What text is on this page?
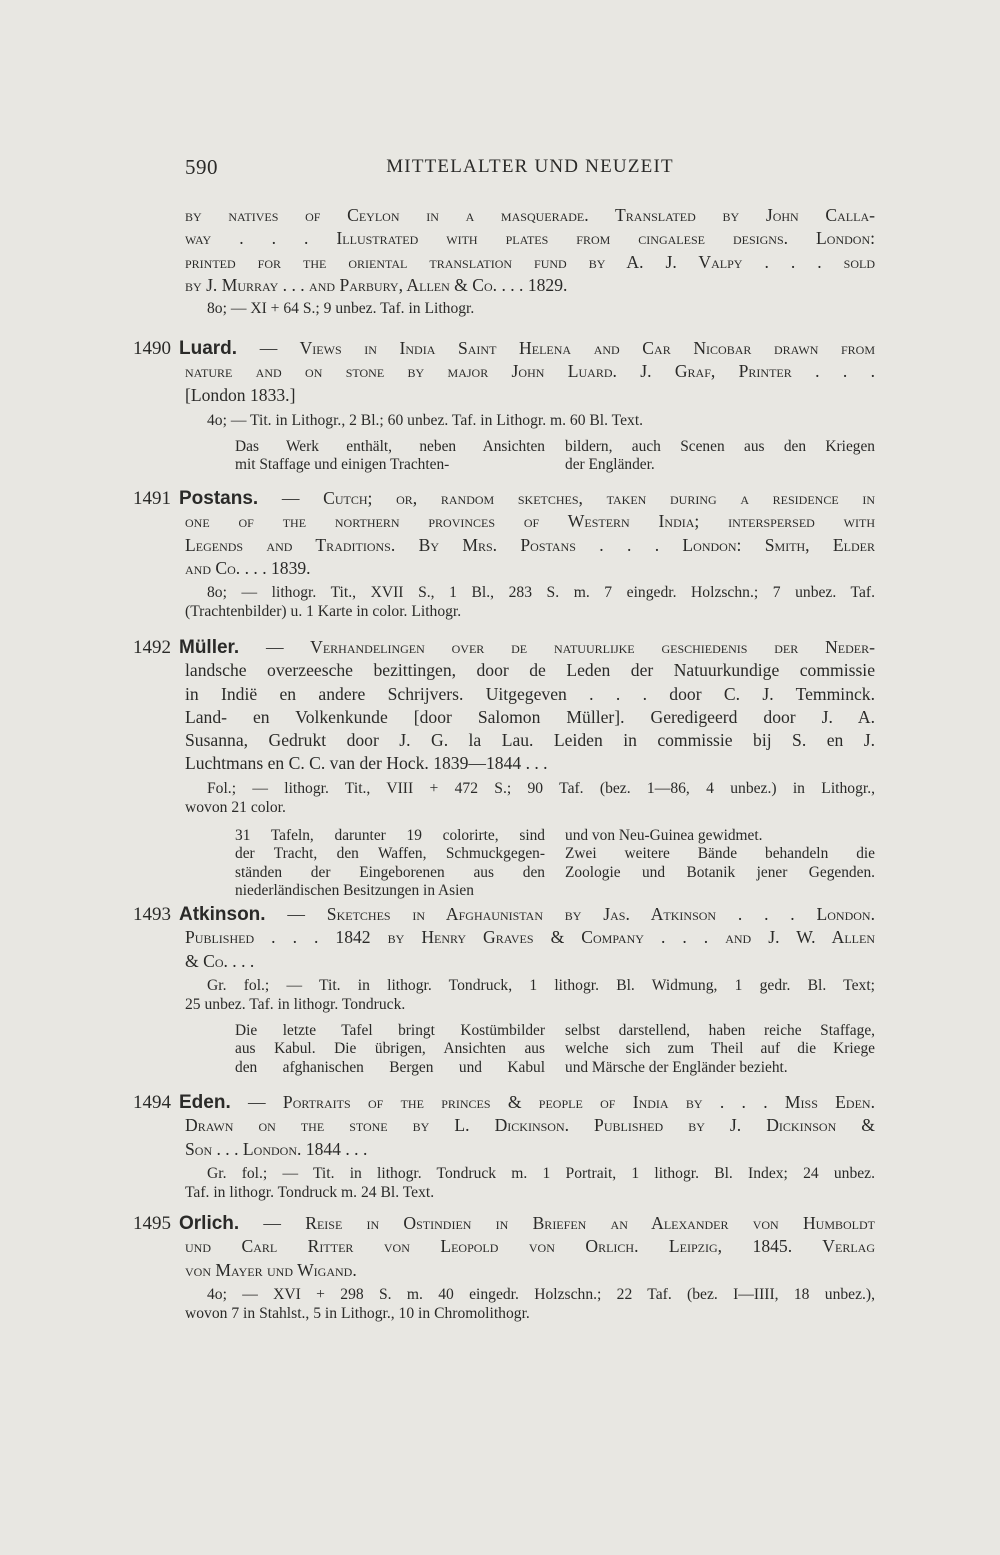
590	MITTELALTER UND NEUZEIT
by natives of Ceylon in a masquerade. Translated by John Calla-
way . . . Illustrated with plates from cingalese designs. London:
printed for the oriental translation fund by A. J. Valpy . . . sold
by J. Murray . . . and Parbury, Allen & Co. . . . 1829.
8o; — XI + 64 S.; 9 unbez. Taf. in Lithogr.
1490 Luard. — Views in India Saint Helena and Car Nicobar drawn from
nature and on stone by major John Luard. J. Graf, Printer . . .
[London 1833.]
4o; — Tit. in Lithogr., 2 Bl.; 60 unbez. Taf. in Lithogr. m. 60 Bl. Text.
Das Werk enthält, neben Ansichten
mit Staffage und einigen Trachten-
bildern, auch Scenen aus den Kriegen
der Engländer.
1491 Postans. — Cutch; or, random sketches, taken during a residence in
one of the northern provinces of Western India; interspersed with
Legends and Traditions. By Mrs. Postans . . . London: Smith, Elder
and Co. . . . 1839.
8o; — lithogr. Tit., XVII S., 1 Bl., 283 S. m. 7 eingedr. Holzschn.; 7 unbez. Taf.
(Trachtenbilder) u. 1 Karte in color. Lithogr.
1492 Müller. — Verhandelingen over de natuurlijke geschiedenis der Neder-
landsche overzeesche bezittingen, door de Leden der Natuurkundige commissie
in Indië en andere Schrijvers. Uitgegeven . . . door C. J. Temminck.
Land- en Volkenkunde [door Salomon Müller]. Geredigeerd door J. A.
Susanna, Gedrukt door J. G. la Lau. Leiden in commissie bij S. en J.
Luchtmans en C. C. van der Hock. 1839—1844 . . .
Fol.; — lithogr. Tit., VIII + 472 S.; 90 Taf. (bez. 1—86, 4 unbez.) in Lithogr.,
wovon 21 color.
31 Tafeln, darunter 19 colorirte, sind
der Tracht, den Waffen, Schmuckgegen-
ständen der Eingeborenen aus den
niederländischen Besitzungen in Asien
und von Neu-Guinea gewidmet.
Zwei weitere Bände behandeln die
Zoologie und Botanik jener Gegenden.
1493 Atkinson. — Sketches in Afghaunistan by Jas. Atkinson . . . London.
Published . . . 1842 by Henry Graves & Company . . . and J. W. Allen
& Co. . . .
Gr. fol.; — Tit. in lithogr. Tondruck, 1 lithogr. Bl. Widmung, 1 gedr. Bl. Text;
25 unbez. Taf. in lithogr. Tondruck.
Die letzte Tafel bringt Kostümbilder
aus Kabul. Die übrigen, Ansichten aus
den afghanischen Bergen und Kabul
selbst darstellend, haben reiche Staffage,
welche sich zum Theil auf die Kriege
und Märsche der Engländer bezieht.
1494 Eden. — Portraits of the princes & people of India by . . . Miss Eden.
Drawn on the stone by L. Dickinson. Published by J. Dickinson &
Son . . . London. 1844 . . .
Gr. fol.; — Tit. in lithogr. Tondruck m. 1 Portrait, 1 lithogr. Bl. Index; 24 unbez.
Taf. in lithogr. Tondruck m. 24 Bl. Text.
1495 Orlich. — Reise in Ostindien in Briefen an Alexander von Humboldt
und Carl Ritter von Leopold von Orlich. Leipzig, 1845. Verlag
von Mayer und Wigand.
4o; — XVI + 298 S. m. 40 eingedr. Holzschn.; 22 Taf. (bez. I—IIII, 18 unbez.),
wovon 7 in Stahlst., 5 in Lithogr., 10 in Chromolithogr.
